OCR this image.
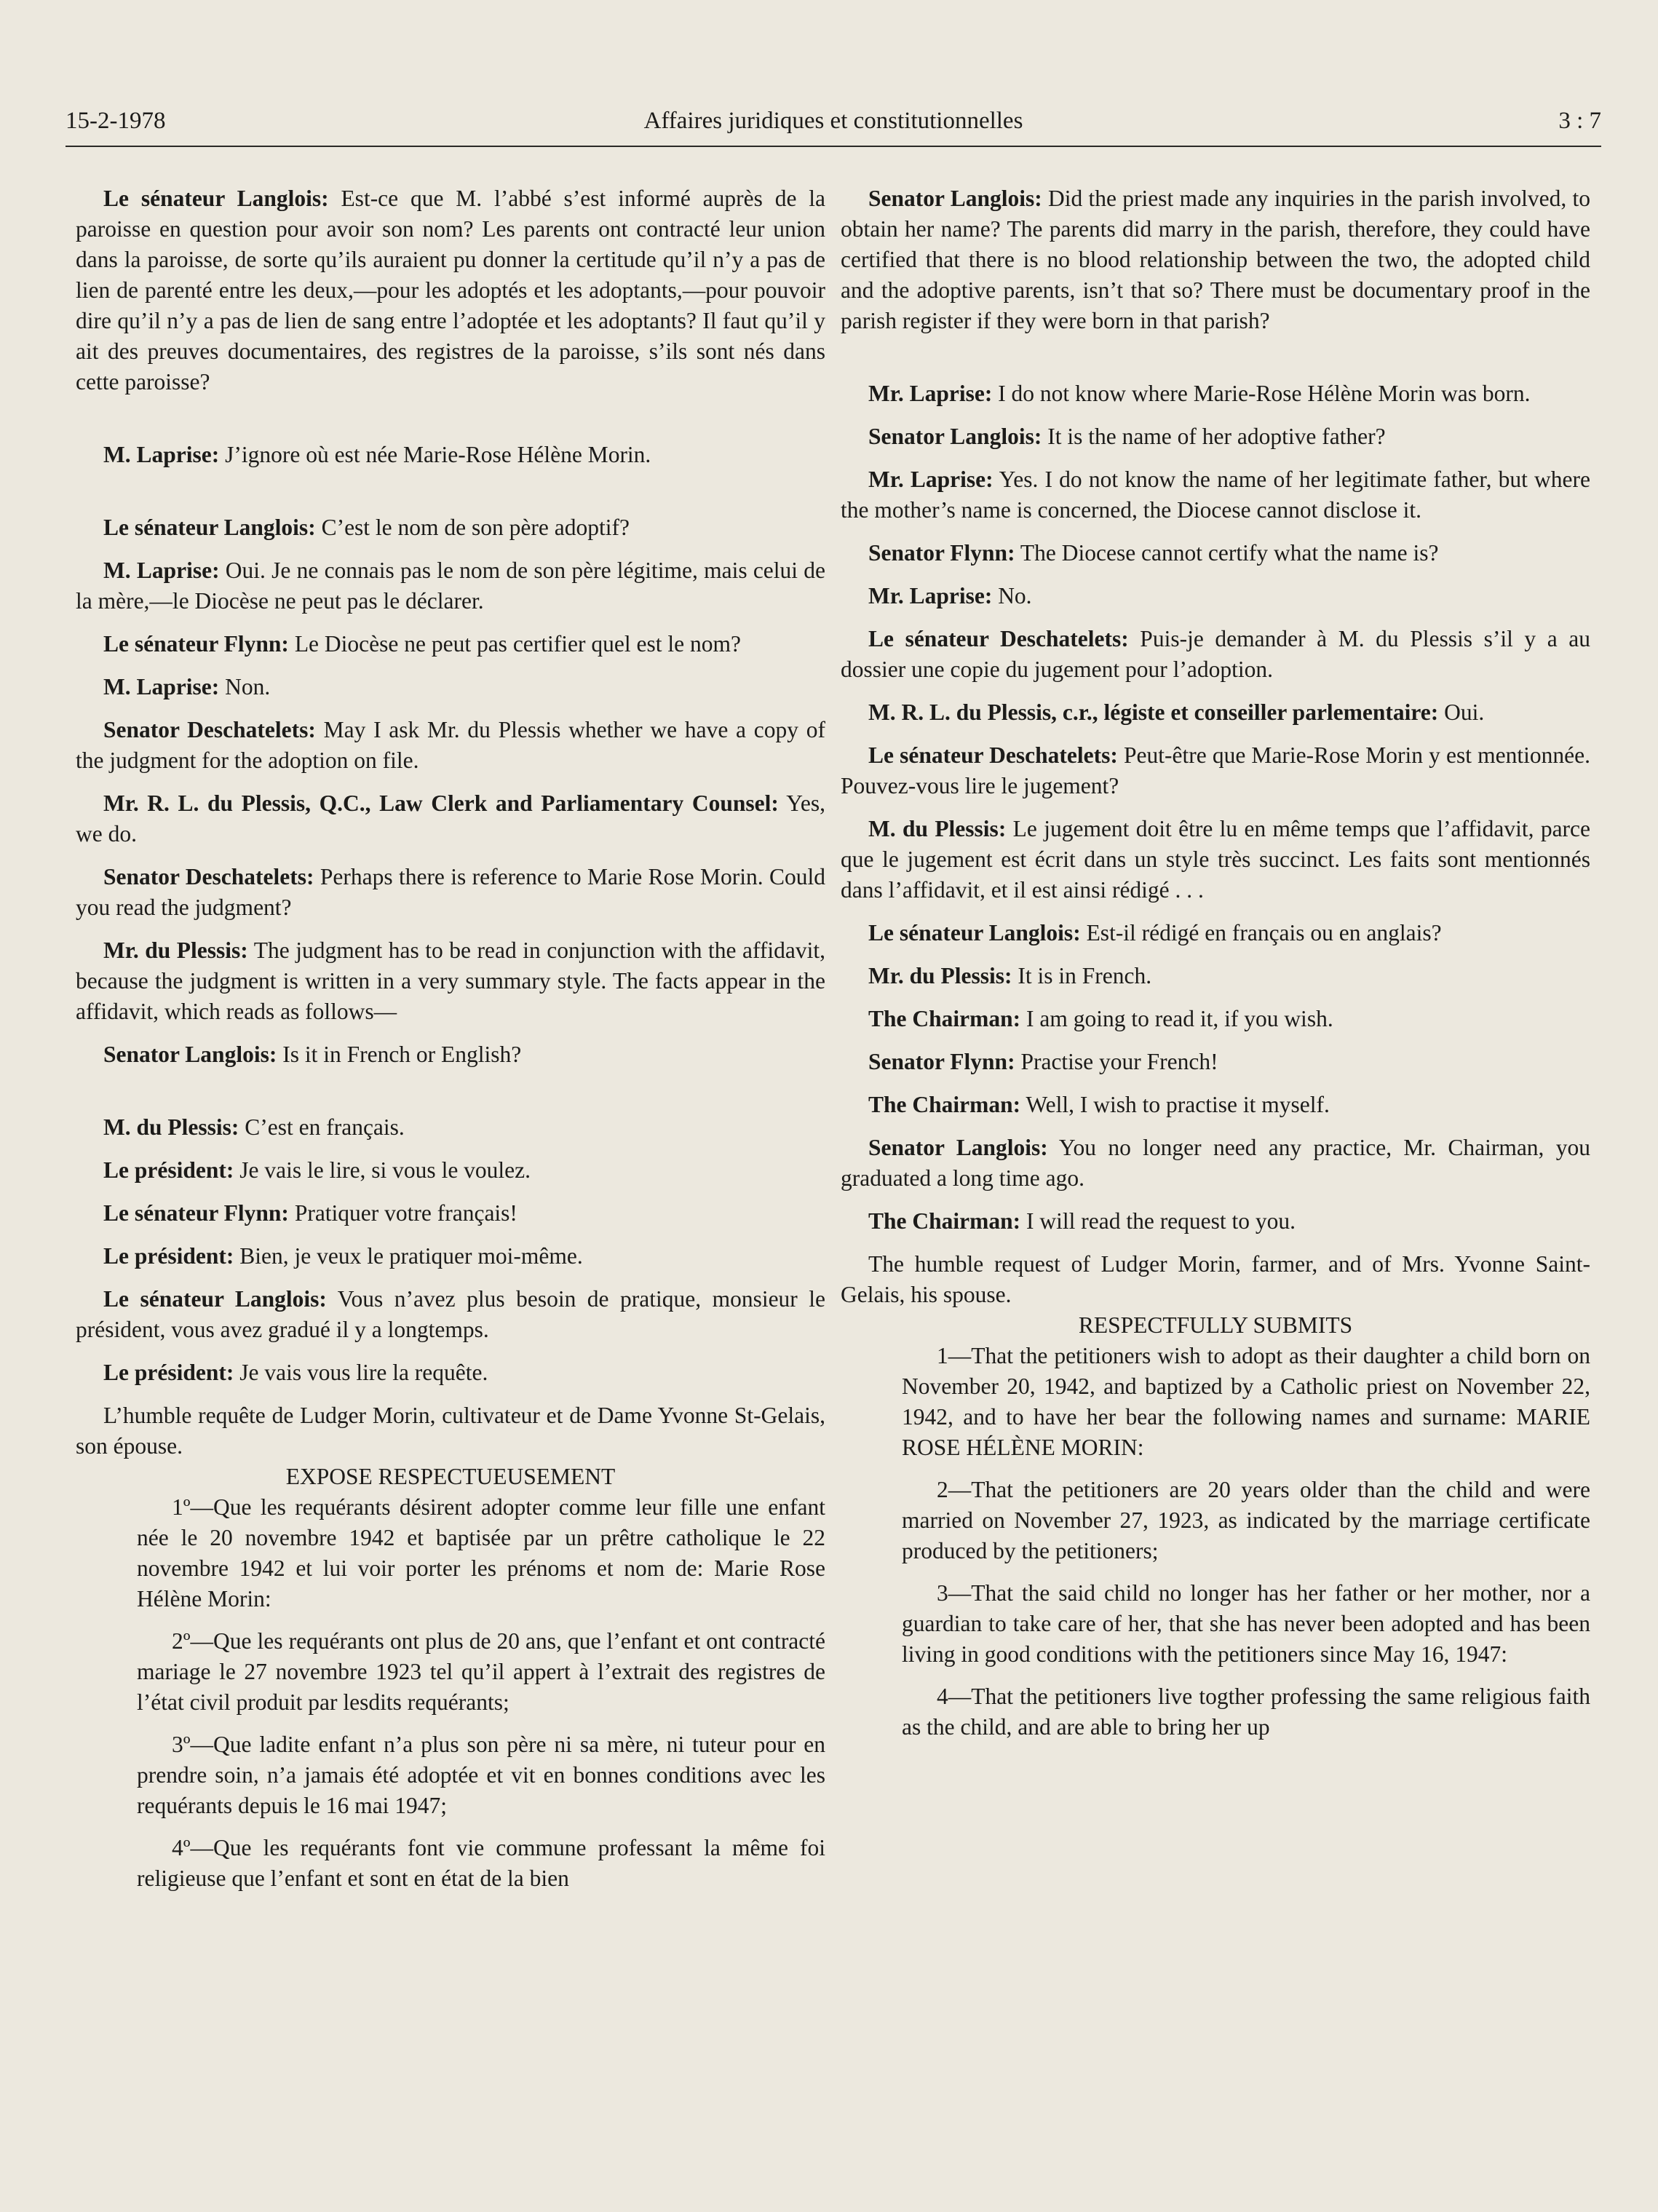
15-2-1978	Affaires juridiques et constitutionnelles	3 : 7

Le sénateur Langlois: Est-ce que M. l’abbé s’est informé auprès de la paroisse en question pour avoir son nom? Les parents ont contracté leur union dans la paroisse, de sorte qu’ils auraient pu donner la certitude qu’il n’y a pas de lien de parenté entre les deux,—pour les adoptés et les adoptants,—pour pouvoir dire qu’il n’y a pas de lien de sang entre l’adoptée et les adoptants? Il faut qu’il y ait des preuves documentaires, des registres de la paroisse, s’ils sont nés dans cette paroisse?

M. Laprise: J’ignore où est née Marie-Rose Hélène Morin.

Le sénateur Langlois: C’est le nom de son père adoptif?

M. Laprise: Oui. Je ne connais pas le nom de son père légitime, mais celui de la mère,—le Diocèse ne peut pas le déclarer.

Le sénateur Flynn: Le Diocèse ne peut pas certifier quel est le nom?

M. Laprise: Non.

Senator Deschatelets: May I ask Mr. du Plessis whether we have a copy of the judgment for the adoption on file.

Mr. R. L. du Plessis, Q.C., Law Clerk and Parliamentary Counsel: Yes, we do.

Senator Deschatelets: Perhaps there is reference to Marie Rose Morin. Could you read the judgment?

Mr. du Plessis: The judgment has to be read in conjunction with the affidavit, because the judgment is written in a very summary style. The facts appear in the affidavit, which reads as follows—

Senator Langlois: Is it in French or English?

M. du Plessis: C’est en français.

Le président: Je vais le lire, si vous le voulez.

Le sénateur Flynn: Pratiquer votre français!

Le président: Bien, je veux le pratiquer moi-même.

Le sénateur Langlois: Vous n’avez plus besoin de pratique, monsieur le président, vous avez gradué il y a longtemps.

Le président: Je vais vous lire la requête.

L’humble requête de Ludger Morin, cultivateur et de Dame Yvonne St-Gelais, son épouse.

EXPOSE RESPECTUEUSEMENT

1º—Que les requérants désirent adopter comme leur fille une enfant née le 20 novembre 1942 et baptisée par un prêtre catholique le 22 novembre 1942 et lui voir porter les prénoms et nom de: Marie Rose Hélène Morin:

2º—Que les requérants ont plus de 20 ans, que l’enfant et ont contracté mariage le 27 novembre 1923 tel qu’il appert à l’extrait des registres de l’état civil produit par lesdits requérants;

3º—Que ladite enfant n’a plus son père ni sa mère, ni tuteur pour en prendre soin, n’a jamais été adoptée et vit en bonnes conditions avec les requérants depuis le 16 mai 1947;

4º—Que les requérants font vie commune professant la même foi religieuse que l’enfant et sont en état de la bien

Senator Langlois: Did the priest made any inquiries in the parish involved, to obtain her name? The parents did marry in the parish, therefore, they could have certified that there is no blood relationship between the two, the adopted child and the adoptive parents, isn’t that so? There must be documentary proof in the parish register if they were born in that parish?

Mr. Laprise: I do not know where Marie-Rose Hélène Morin was born.

Senator Langlois: It is the name of her adoptive father?

Mr. Laprise: Yes. I do not know the name of her legitimate father, but where the mother’s name is concerned, the Diocese cannot disclose it.

Senator Flynn: The Diocese cannot certify what the name is?

Mr. Laprise: No.

Le sénateur Deschatelets: Puis-je demander à M. du Plessis s’il y a au dossier une copie du jugement pour l’adoption.

M. R. L. du Plessis, c.r., légiste et conseiller parlementaire: Oui.

Le sénateur Deschatelets: Peut-être que Marie-Rose Morin y est mentionnée. Pouvez-vous lire le jugement?

M. du Plessis: Le jugement doit être lu en même temps que l’affidavit, parce que le jugement est écrit dans un style très succinct. Les faits sont mentionnés dans l’affidavit, et il est ainsi rédigé . . .

Le sénateur Langlois: Est-il rédigé en français ou en anglais?

Mr. du Plessis: It is in French.

The Chairman: I am going to read it, if you wish.

Senator Flynn: Practise your French!

The Chairman: Well, I wish to practise it myself.

Senator Langlois: You no longer need any practice, Mr. Chairman, you graduated a long time ago.

The Chairman: I will read the request to you.

The humble request of Ludger Morin, farmer, and of Mrs. Yvonne Saint-Gelais, his spouse.

RESPECTFULLY SUBMITS

1—That the petitioners wish to adopt as their daughter a child born on November 20, 1942, and baptized by a Catholic priest on November 22, 1942, and to have her bear the following names and surname: MARIE ROSE HÉLÈNE MORIN:

2—That the petitioners are 20 years older than the child and were married on November 27, 1923, as indicated by the marriage certificate produced by the petitioners;

3—That the said child no longer has her father or her mother, nor a guardian to take care of her, that she has never been adopted and has been living in good conditions with the petitioners since May 16, 1947:

4—That the petitioners live togther professing the same religious faith as the child, and are able to bring her up
